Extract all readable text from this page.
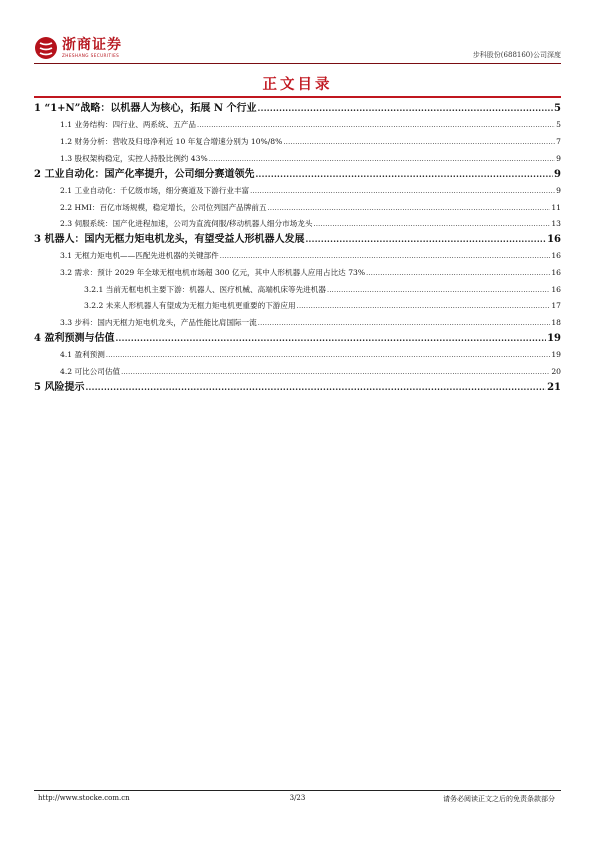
浙商证券
ZHESHANG SECURITIES	步科股份(688160)公司深度
正文目录
1 “1+N”战略：以机器人为核心，拓展 N 个行业 .....	5
1.1 业务结构：四行业、两系统、五产品 .....	5
1.2 财务分析：营收及归母净利近 10 年复合增速分别为 10%/8% .....	7
1.3 股权架构稳定，实控人持股比例约 43% .....	9
2 工业自动化：国产化率提升，公司细分赛道领先 .....	9
2.1 工业自动化：千亿级市场，细分赛道及下游行业丰富 .....	9
2.2 HMI：百亿市场规模，稳定增长，公司位列国产品牌前五 .....	11
2.3 伺服系统：国产化进程加速，公司为直流伺服/移动机器人细分市场龙头 .....	13
3 机器人：国内无框力矩电机龙头，有望受益人形机器人发展 .....	16
3.1 无框力矩电机——匹配先进机器的关键部件 .....	16
3.2 需求：预计 2029 年全球无框电机市场超 300 亿元，其中人形机器人应用占比达 73% .....	16
3.2.1 当前无框电机主要下游：机器人、医疗机械、高端机床等先进机器 .....	16
3.2.2 未来人形机器人有望成为无框力矩电机更重要的下游应用 .....	17
3.3 步科：国内无框力矩电机龙头，产品性能比肩国际一流 .....	18
4 盈利预测与估值 .....	19
4.1 盈利预测 .....	19
4.2 可比公司估值 .....	20
5 风险提示 .....	21
http://www.stocke.com.cn	3/23	请务必阅读正文之后的免责条款部分
